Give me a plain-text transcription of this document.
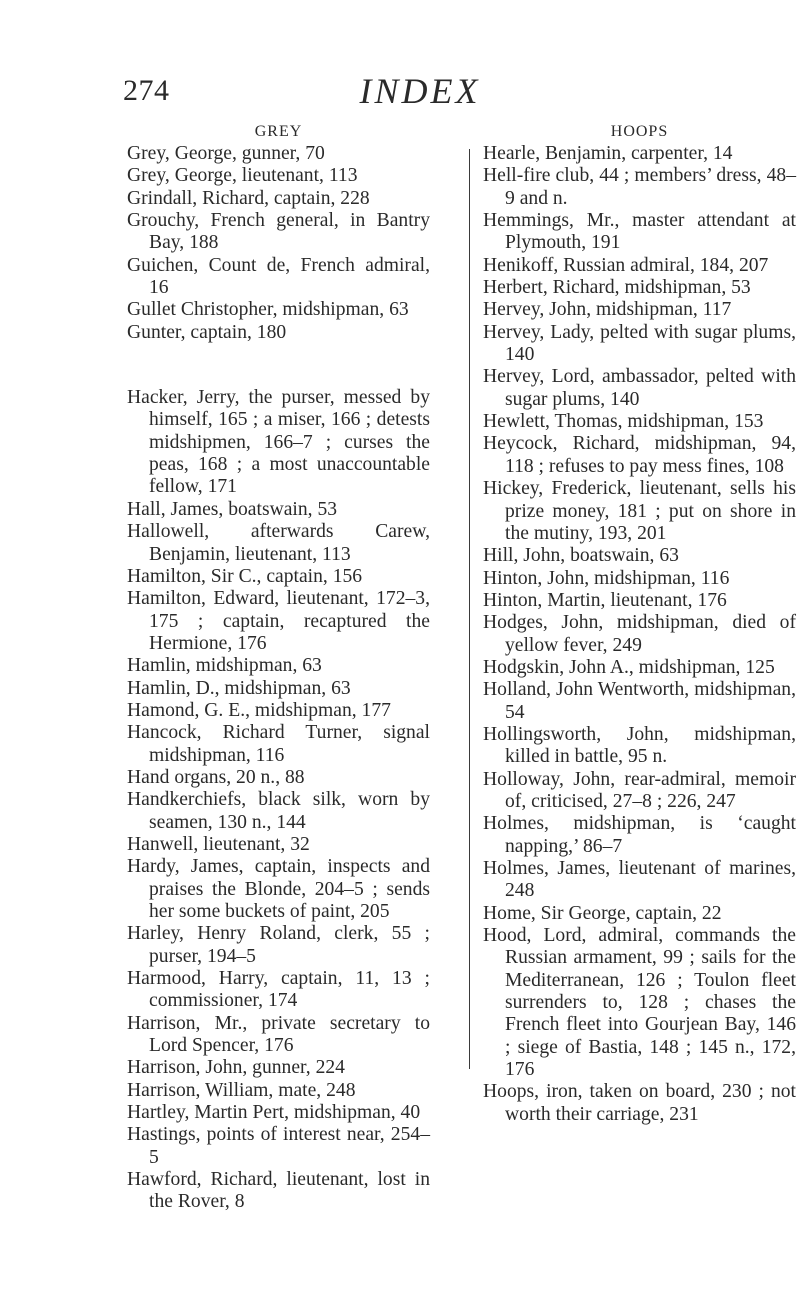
274	INDEX
GREY

Grey, George, gunner, 70

Grey, George, lieutenant, 113

Grindall, Richard, captain, 228

Grouchy, French general, in Bantry Bay, 188

Guichen, Count de, French admiral, 16

Gullet Christopher, midshipman, 63

Gunter, captain, 180

Hacker, Jerry, the purser, messed by himself, 165 ; a miser, 166 ; detests midshipmen, 166–7 ; curses the peas, 168 ; a most unaccountable fellow, 171

Hall, James, boatswain, 53

Hallowell, afterwards Carew, Benjamin, lieutenant, 113

Hamilton, Sir C., captain, 156

Hamilton, Edward, lieutenant, 172–3, 175 ; captain, recaptured the Hermione, 176

Hamlin, midshipman, 63

Hamlin, D., midshipman, 63

Hamond, G. E., midshipman, 177

Hancock, Richard Turner, signal midshipman, 116

Hand organs, 20 n., 88

Handkerchiefs, black silk, worn by seamen, 130 n., 144

Hanwell, lieutenant, 32

Hardy, James, captain, inspects and praises the Blonde, 204–5 ; sends her some buckets of paint, 205

Harley, Henry Roland, clerk, 55 ; purser, 194–5

Harmood, Harry, captain, 11, 13 ; commissioner, 174

Harrison, Mr., private secretary to Lord Spencer, 176

Harrison, John, gunner, 224

Harrison, William, mate, 248

Hartley, Martin Pert, midshipman, 40

Hastings, points of interest near, 254–5

Hawford, Richard, lieutenant, lost in the Rover, 8

HOOPS

Hearle, Benjamin, carpenter, 14

Hell-fire club, 44 ; members’ dress, 48–9 and n.

Hemmings, Mr., master attendant at Plymouth, 191

Henikoff, Russian admiral, 184, 207

Herbert, Richard, midshipman, 53

Hervey, John, midshipman, 117

Hervey, Lady, pelted with sugar plums, 140

Hervey, Lord, ambassador, pelted with sugar plums, 140

Hewlett, Thomas, midshipman, 153

Heycock, Richard, midshipman, 94, 118 ; refuses to pay mess fines, 108

Hickey, Frederick, lieutenant, sells his prize money, 181 ; put on shore in the mutiny, 193, 201

Hill, John, boatswain, 63

Hinton, John, midshipman, 116

Hinton, Martin, lieutenant, 176

Hodges, John, midshipman, died of yellow fever, 249

Hodgskin, John A., midshipman, 125

Holland, John Wentworth, midshipman, 54

Hollingsworth, John, midshipman, killed in battle, 95 n.

Holloway, John, rear-admiral, memoir of, criticised, 27–8 ; 226, 247

Holmes, midshipman, is ‘caught napping,’ 86–7

Holmes, James, lieutenant of marines, 248

Home, Sir George, captain, 22

Hood, Lord, admiral, commands the Russian armament, 99 ; sails for the Mediterranean, 126 ; Toulon fleet surrenders to, 128 ; chases the French fleet into Gourjean Bay, 146 ; siege of Bastia, 148 ; 145 n., 172, 176

Hoops, iron, taken on board, 230 ; not worth their carriage, 231
